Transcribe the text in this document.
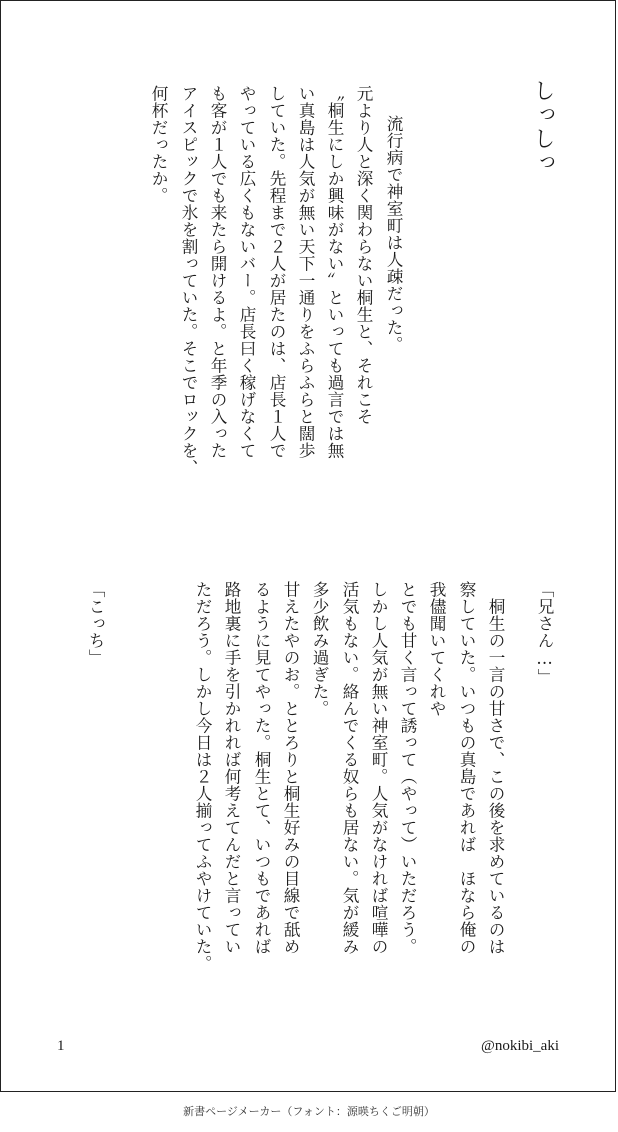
しっしっ
　流行病で神室町は人疎だった。
元より人と深く関わらない桐生と、それこそ
〝桐生にしか興味がない〟といっても過言では無
い真島は人気が無い天下一通りをふらふらと闊歩
していた。先程まで２人が居たのは、店長１人で
やっている広くもないバー。店長曰く稼げなくて
も客が１人でも来たら開けるよ。と年季の入った
アイスピックで氷を割っていた。そこでロックを、
何杯だったか。
「兄さん…」
　桐生の一言の甘さで、この後を求めているのは
察していた。いつもの真島であれば　ほなら俺の
我儘聞いてくれや
とでも甘く言って誘って（やって）いただろう。
しかし人気が無い神室町。人気がなければ喧嘩の
活気もない。絡んでくる奴らも居ない。気が緩み
多少飲み過ぎた。
甘えたやのお。ととろりと桐生好みの目線で舐め
るように見てやった。桐生とて、いつもであれば
路地裏に手を引かれれば何考えてんだと言ってい
ただろう。しかし今日は２人揃ってふやけていた。
「こっち」
1	@nokibi_aki
新書ページメーカー（フォント：源暎ちくご明朝）
